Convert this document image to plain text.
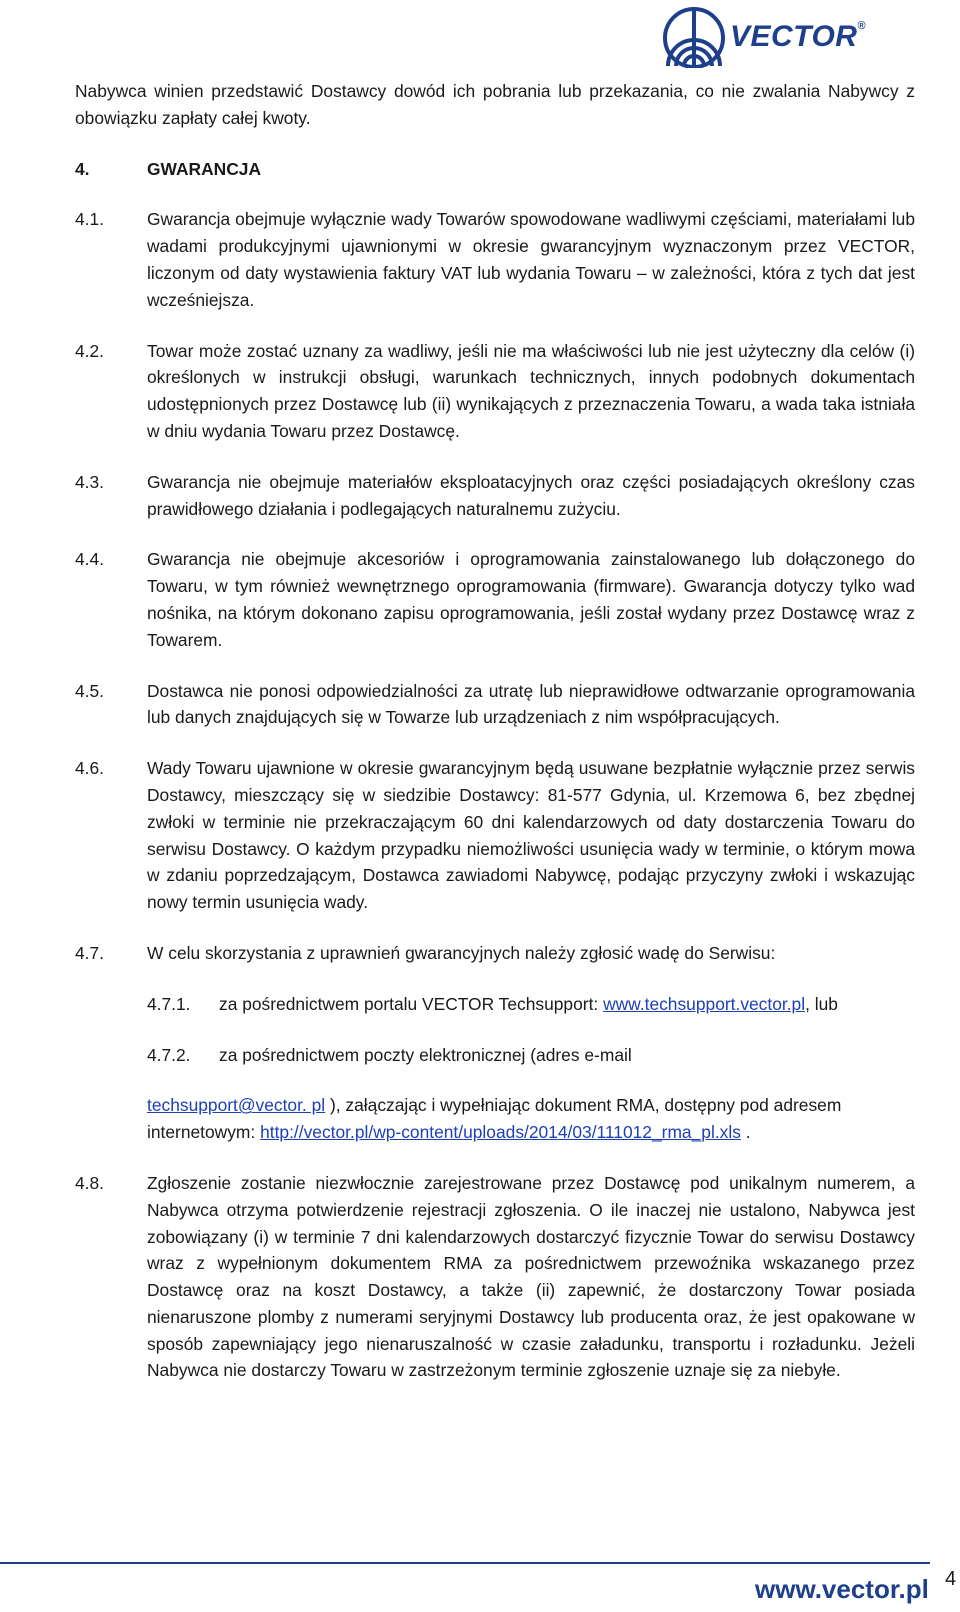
VECTOR®

Nabywca winien przedstawić Dostawcy dowód ich pobrania lub przekazania, co nie zwalania Nabywcy z obowiązku zapłaty całej kwoty.

4.	GWARANCJA
4.1.	Gwarancja obejmuje wyłącznie wady Towarów spowodowane wadliwymi częściami, materiałami lub wadami produkcyjnymi ujawnionymi w okresie gwarancyjnym wyznaczonym przez VECTOR, liczonym od daty wystawienia faktury VAT lub wydania Towaru – w zależności, która z tych dat jest wcześniejsza.
4.2.	Towar może zostać uznany za wadliwy, jeśli nie ma właściwości lub nie jest użyteczny dla celów (i) określonych w instrukcji obsługi, warunkach technicznych, innych podobnych dokumentach udostępnionych przez Dostawcę lub (ii) wynikających z przeznaczenia Towaru, a wada taka istniała w dniu wydania Towaru przez Dostawcę.
4.3.	Gwarancja nie obejmuje materiałów eksploatacyjnych oraz części posiadających określony czas prawidłowego działania i podlegających naturalnemu zużyciu.
4.4.	Gwarancja nie obejmuje akcesoriów i oprogramowania zainstalowanego lub dołączonego do Towaru, w tym również wewnętrznego oprogramowania (firmware). Gwarancja dotyczy tylko wad nośnika, na którym dokonano zapisu oprogramowania, jeśli został wydany przez Dostawcę wraz z Towarem.
4.5.	Dostawca nie ponosi odpowiedzialności za utratę lub nieprawidłowe odtwarzanie oprogramowania lub danych znajdujących się w Towarze lub urządzeniach z nim współpracujących.
4.6.	Wady Towaru ujawnione w okresie gwarancyjnym będą usuwane bezpłatnie wyłącznie przez serwis Dostawcy, mieszczący się w siedzibie Dostawcy: 81-577 Gdynia, ul. Krzemowa 6, bez zbędnej zwłoki w terminie nie przekraczającym 60 dni kalendarzowych od daty dostarczenia Towaru do serwisu Dostawcy. O każdym przypadku niemożliwości usunięcia wady w terminie, o którym mowa w zdaniu poprzedzającym, Dostawca zawiadomi Nabywcę, podając przyczyny zwłoki i wskazując nowy termin usunięcia wady.
4.7.	W celu skorzystania z uprawnień gwarancyjnych należy zgłosić wadę do Serwisu:
4.7.1.	za pośrednictwem portalu VECTOR Techsupport: www.techsupport.vector.pl, lub
4.7.2.	za pośrednictwem poczty elektronicznej (adres e-mail

techsupport@vector. pl ), załączając i wypełniając dokument RMA, dostępny pod adresem internetowym: http://vector.pl/wp-content/uploads/2014/03/111012_rma_pl.xls .

4.8.	Zgłoszenie zostanie niezwłocznie zarejestrowane przez Dostawcę pod unikalnym numerem, a Nabywca otrzyma potwierdzenie rejestracji zgłoszenia. O ile inaczej nie ustalono, Nabywca jest zobowiązany (i) w terminie 7 dni kalendarzowych dostarczyć fizycznie Towar do serwisu Dostawcy wraz z wypełnionym dokumentem RMA za pośrednictwem przewoźnika wskazanego przez Dostawcę oraz na koszt Dostawcy, a także (ii) zapewnić, że dostarczony Towar posiada nienaruszone plomby z numerami seryjnymi Dostawcy lub producenta oraz, że jest opakowane w sposób zapewniający jego nienaruszalność w czasie załadunku, transportu i rozładunku. Jeżeli Nabywca nie dostarczy Towaru w zastrzeżonym terminie zgłoszenie uznaje się za niebyłe.
4
www.vector.pl
